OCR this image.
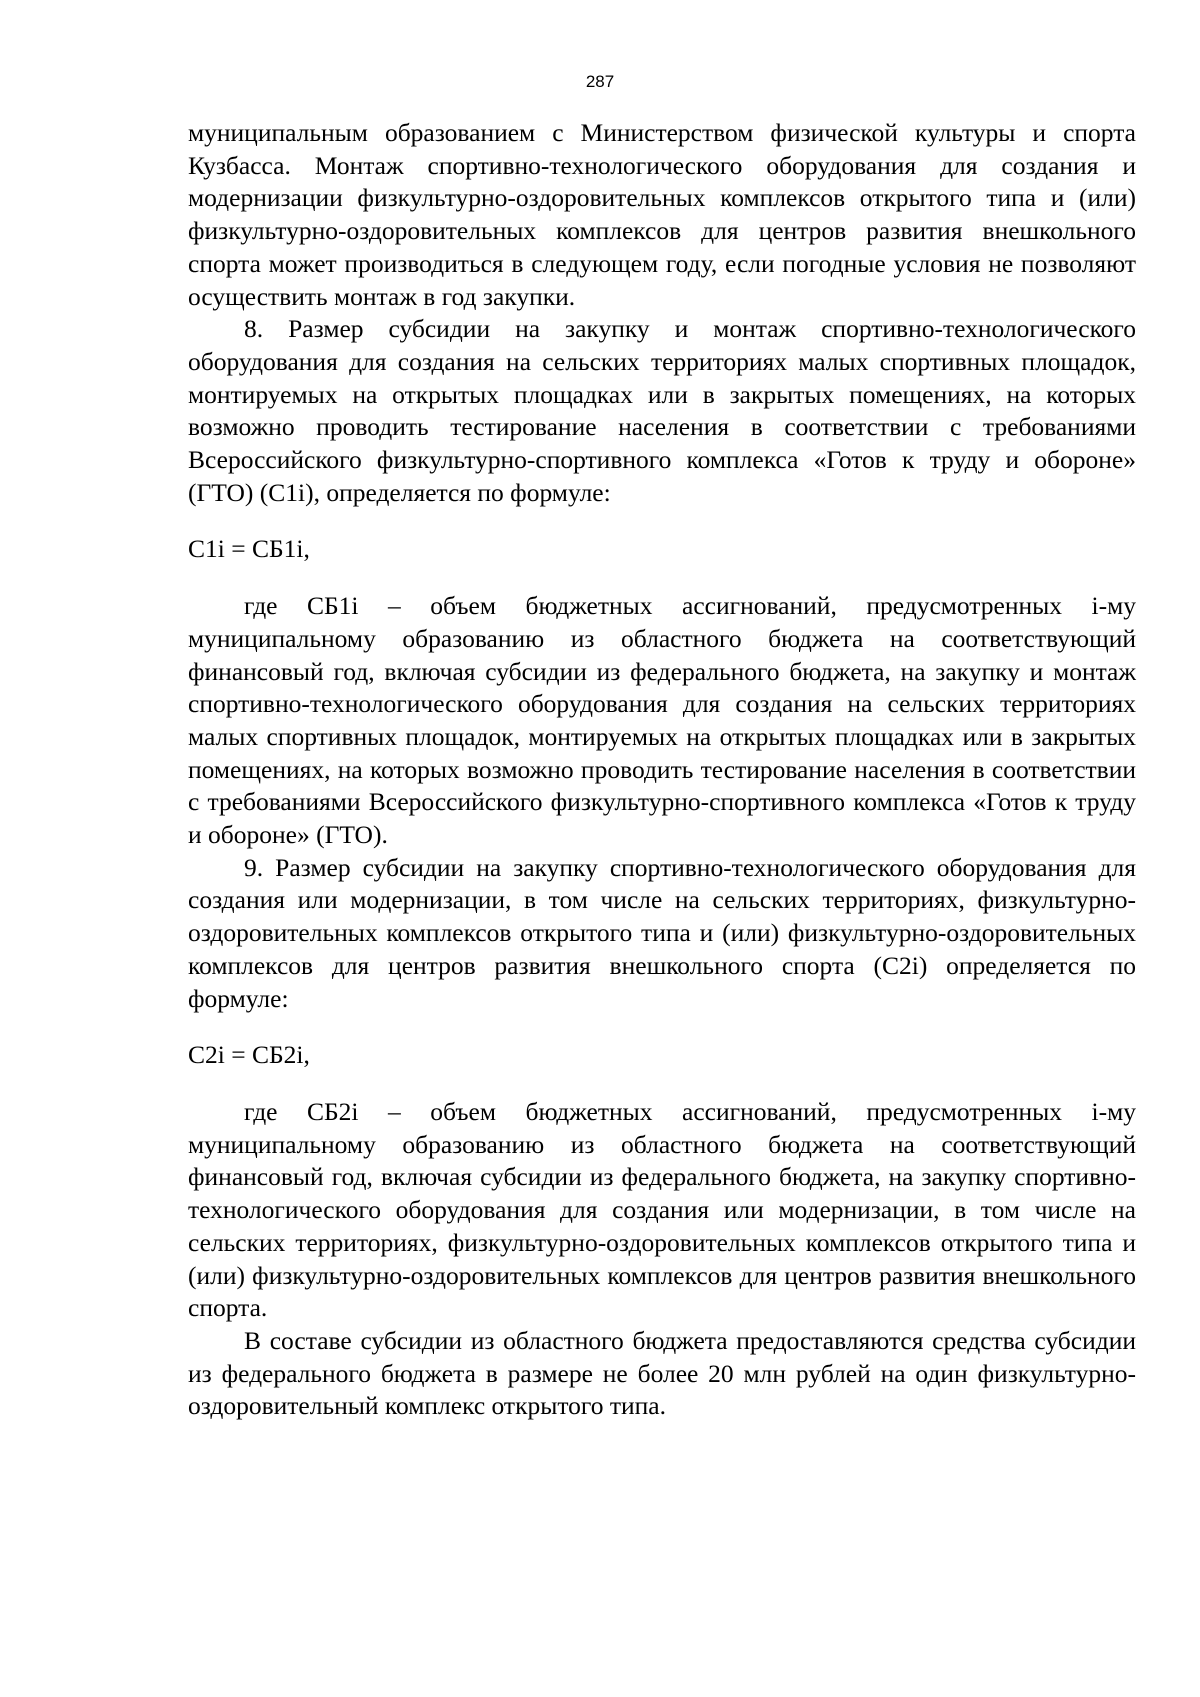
287

муниципальным образованием с Министерством физической культуры и спорта Кузбасса. Монтаж спортивно-технологического оборудования для создания и модернизации физкультурно-оздоровительных комплексов открытого типа и (или) физкультурно-оздоровительных комплексов для центров развития внешкольного спорта может производиться в следующем году, если погодные условия не позволяют осуществить монтаж в год закупки.

8. Размер субсидии на закупку и монтаж спортивно-технологического оборудования для создания на сельских территориях малых спортивных площадок, монтируемых на открытых площадках или в закрытых помещениях, на которых возможно проводить тестирование населения в соответствии с требованиями Всероссийского физкультурно-спортивного комплекса «Готов к труду и обороне» (ГТО) (C1i), определяется по формуле:

C1i = СБ1i,

где СБ1i – объем бюджетных ассигнований, предусмотренных i-му муниципальному образованию из областного бюджета на соответствующий финансовый год, включая субсидии из федерального бюджета, на закупку и монтаж спортивно-технологического оборудования для создания на сельских территориях малых спортивных площадок, монтируемых на открытых площадках или в закрытых помещениях, на которых возможно проводить тестирование населения в соответствии с требованиями Всероссийского физкультурно-спортивного комплекса «Готов к труду и обороне» (ГТО).

9. Размер субсидии на закупку спортивно-технологического оборудования для создания или модернизации, в том числе на сельских территориях, физкультурно-оздоровительных комплексов открытого типа и (или) физкультурно-оздоровительных комплексов для центров развития внешкольного спорта (C2i) определяется по формуле:

C2i = СБ2i,

где СБ2i – объем бюджетных ассигнований, предусмотренных i-му муниципальному образованию из областного бюджета на соответствующий финансовый год, включая субсидии из федерального бюджета, на закупку спортивно-технологического оборудования для создания или модернизации, в том числе на сельских территориях, физкультурно-оздоровительных комплексов открытого типа и (или) физкультурно-оздоровительных комплексов для центров развития внешкольного спорта.

В составе субсидии из областного бюджета предоставляются средства субсидии из федерального бюджета в размере не более 20 млн рублей на один физкультурно-оздоровительный комплекс открытого типа.
